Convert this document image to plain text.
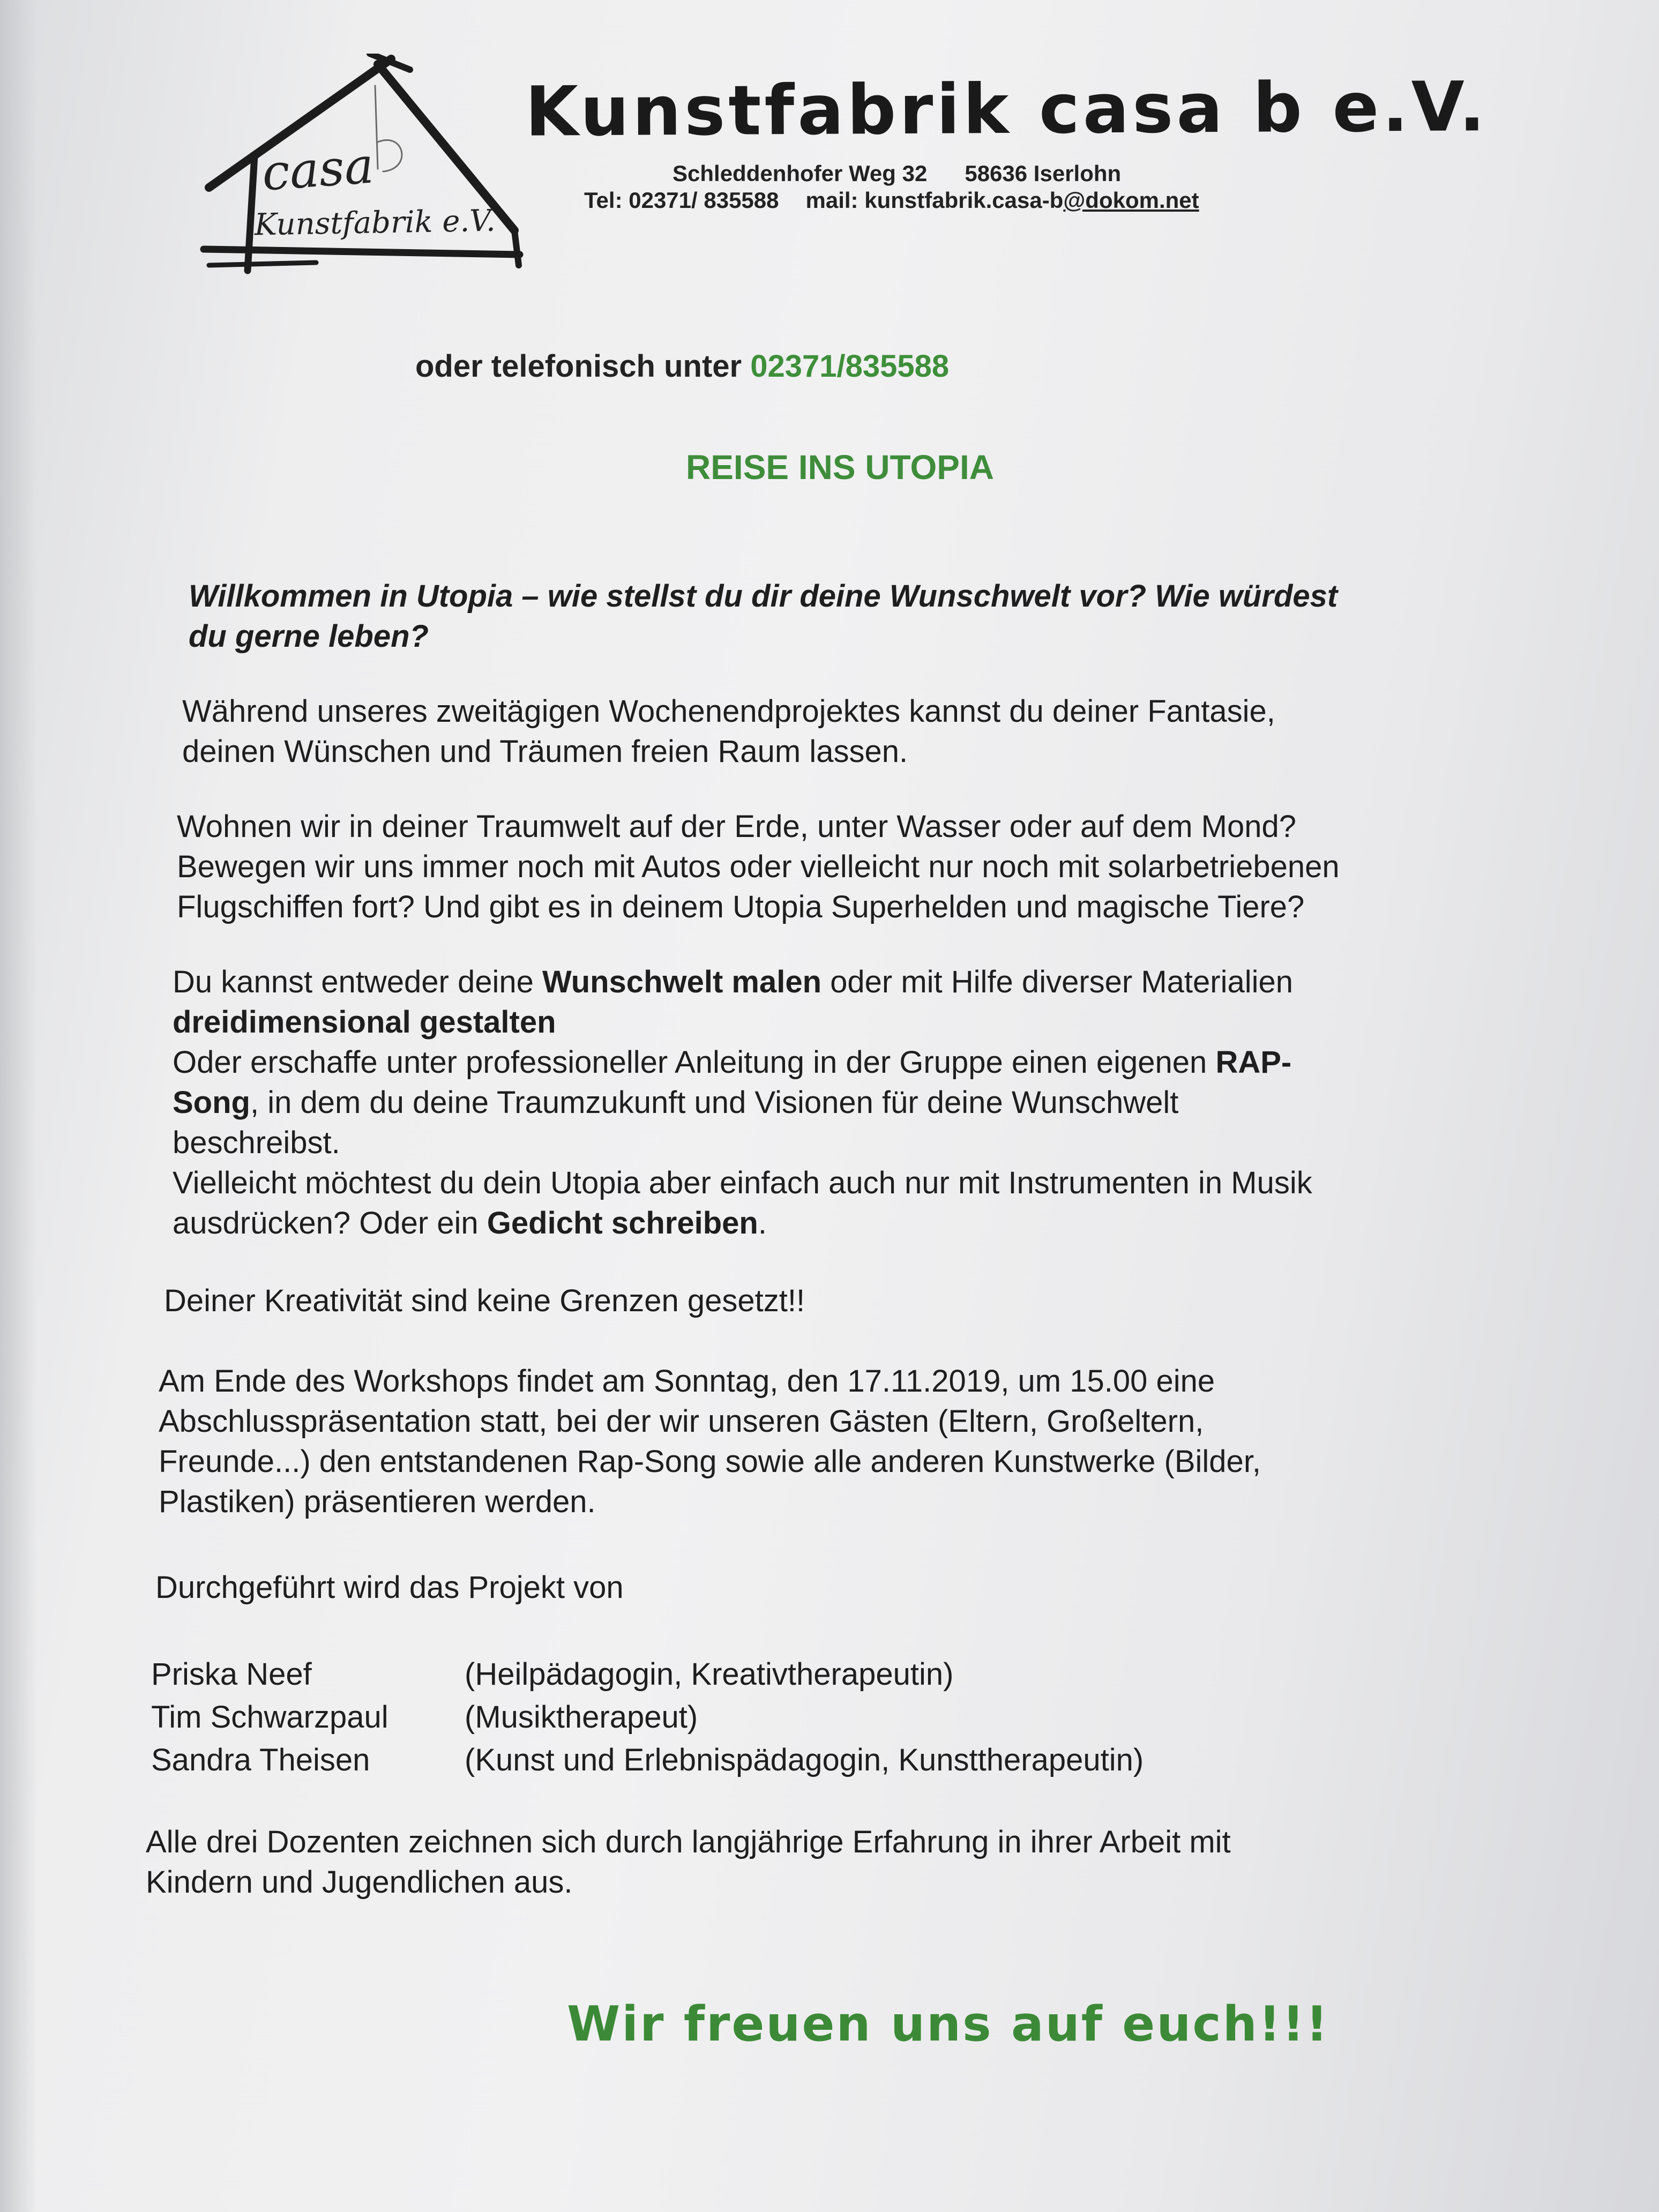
casa
Kunstfabrik e.V.
Kunstfabrik casa b e.V.
Schleddenhofer Weg 32 58636 Iserlohn
Tel: 02371/ 835588 mail: kunstfabrik.casa-b@dokom.net
oder telefonisch unter 02371/835588
REISE INS UTOPIA
Willkommen in Utopia – wie stellst du dir deine Wunschwelt vor? Wie würdest
du gerne leben?
Während unseres zweitägigen Wochenendprojektes kannst du deiner Fantasie,
deinen Wünschen und Träumen freien Raum lassen.
Wohnen wir in deiner Traumwelt auf der Erde, unter Wasser oder auf dem Mond?
Bewegen wir uns immer noch mit Autos oder vielleicht nur noch mit solarbetriebenen
Flugschiffen fort? Und gibt es in deinem Utopia Superhelden und magische Tiere?
Du kannst entweder deine Wunschwelt malen oder mit Hilfe diverser Materialien
dreidimensional gestalten
Oder erschaffe unter professioneller Anleitung in der Gruppe einen eigenen RAP-
Song, in dem du deine Traumzukunft und Visionen für deine Wunschwelt
beschreibst.
Vielleicht möchtest du dein Utopia aber einfach auch nur mit Instrumenten in Musik
ausdrücken? Oder ein Gedicht schreiben.
Deiner Kreativität sind keine Grenzen gesetzt!!
Am Ende des Workshops findet am Sonntag, den 17.11.2019, um 15.00 eine
Abschlusspräsentation statt, bei der wir unseren Gästen (Eltern, Großeltern,
Freunde...) den entstandenen Rap-Song sowie alle anderen Kunstwerke (Bilder,
Plastiken) präsentieren werden.
Durchgeführt wird das Projekt von
Priska Neef	(Heilpädagogin, Kreativtherapeutin)
Tim Schwarzpaul	(Musiktherapeut)
Sandra Theisen	(Kunst und Erlebnispädagogin, Kunsttherapeutin)
Alle drei Dozenten zeichnen sich durch langjährige Erfahrung in ihrer Arbeit mit
Kindern und Jugendlichen aus.
Wir freuen uns auf euch!!!
